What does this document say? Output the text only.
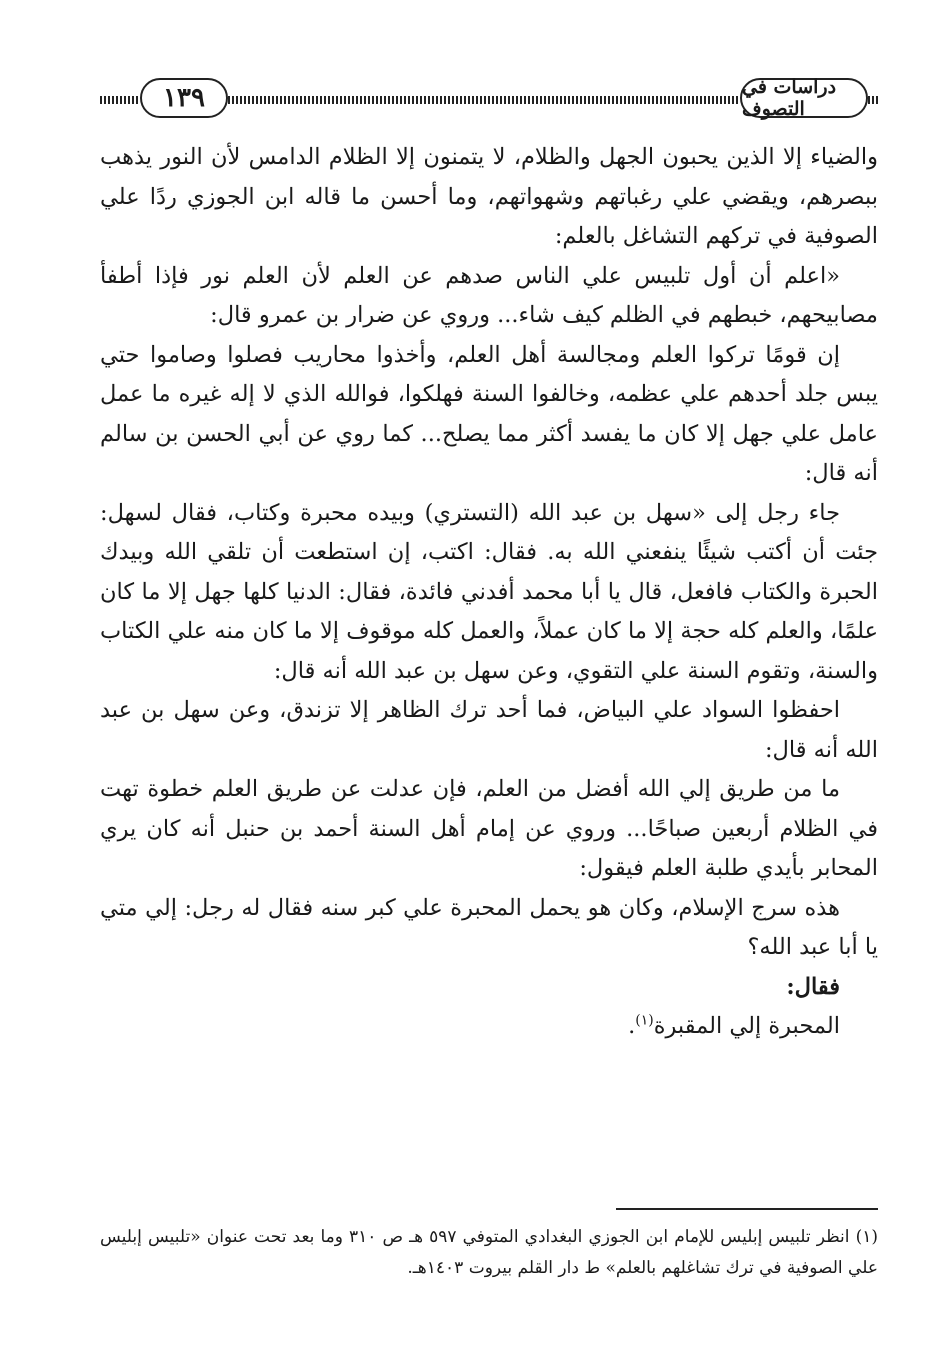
١٣٩	دراسات في التصوف

والضياء إلا الذين يحبون الجهل والظلام، لا يتمنون إلا الظلام الدامس لأن النور يذهب ببصرهم، ويقضي علي رغباتهم وشهواتهم، وما أحسن ما قاله ابن الجوزي ردًا علي الصوفية في تركهم التشاغل بالعلم:

«اعلم أن أول تلبيس علي الناس صدهم عن العلم لأن العلم نور فإذا أطفأ مصابيحهم، خبطهم في الظلم كيف شاء... وروي عن ضرار بن عمرو قال:

إن قومًا تركوا العلم ومجالسة أهل العلم، وأخذوا محاريب فصلوا وصاموا حتي يبس جلد أحدهم علي عظمه، وخالفوا السنة فهلكوا، فوالله الذي لا إله غيره ما عمل عامل علي جهل إلا كان ما يفسد أكثر مما يصلح... كما روي عن أبي الحسن بن سالم أنه قال:

جاء رجل إلى «سهل بن عبد الله (التستري) وبيده محبرة وكتاب، فقال لسهل: جئت أن أكتب شيئًا ينفعني الله به. فقال: اكتب، إن استطعت أن تلقي الله وبيدك الحبرة والكتاب فافعل، قال يا أبا محمد أفدني فائدة، فقال: الدنيا كلها جهل إلا ما كان علمًا، والعلم كله حجة إلا ما كان عملاً، والعمل كله موقوف إلا ما كان منه علي الكتاب والسنة، وتقوم السنة علي التقوي، وعن سهل بن عبد الله أنه قال:

احفظوا السواد علي البياض، فما أحد ترك الظاهر إلا تزندق، وعن سهل بن عبد الله أنه قال:

ما من طريق إلي الله أفضل من العلم، فإن عدلت عن طريق العلم خطوة تهت في الظلام أربعين صباحًا... وروي عن إمام أهل السنة أحمد بن حنبل أنه كان يري المحابر بأيدي طلبة العلم فيقول:

هذه سرج الإسلام، وكان هو يحمل المحبرة علي كبر سنه فقال له رجل: إلي متي يا أبا عبد الله؟

فقال:

المحبرة إلي المقبرة$^{(١)}$.

(١) انظر تلبيس إبليس للإمام ابن الجوزي البغدادي المتوفي ٥٩٧ هـ ص ٣١٠ وما بعد تحت عنوان «تلبيس إبليس علي الصوفية في ترك تشاغلهم بالعلم» ط دار القلم بيروت ١٤٠٣هـ.
